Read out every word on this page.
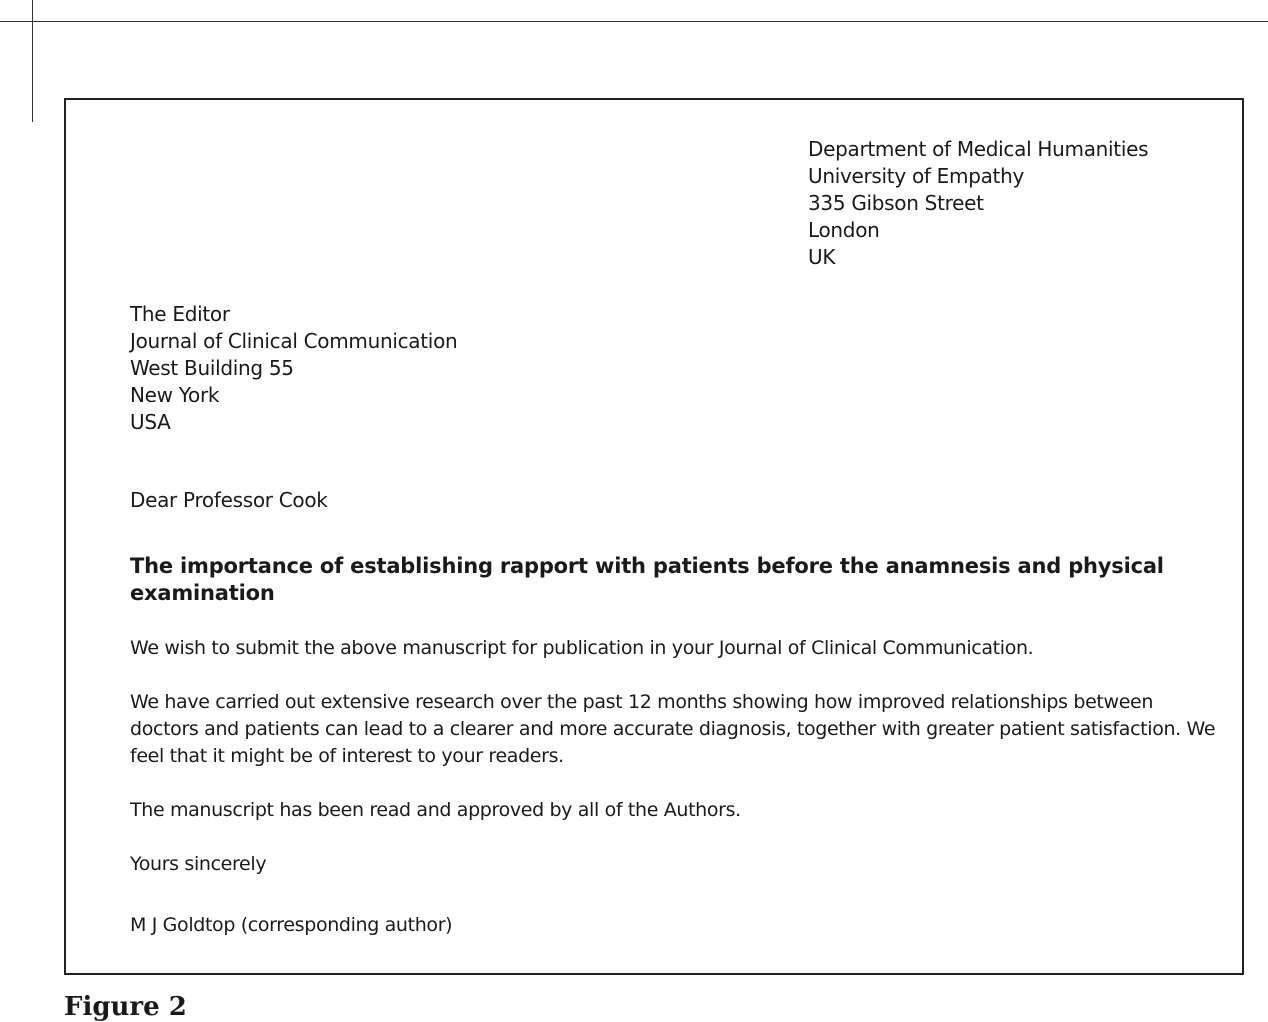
Department of Medical Humanities
University of Empathy
335 Gibson Street
London
UK
The Editor
Journal of Clinical Communication
West Building 55
New York
USA
Dear Professor Cook

The importance of establishing rapport with patients before the anamnesis and physical examination

We wish to submit the above manuscript for publication in your Journal of Clinical Communication.

We have carried out extensive research over the past 12 months showing how improved relationships between doctors and patients can lead to a clearer and more accurate diagnosis, together with greater patient satisfaction. We feel that it might be of interest to your readers.

The manuscript has been read and approved by all of the Authors.

Yours sincerely

M J Goldtop (corresponding author)

Figure 2
